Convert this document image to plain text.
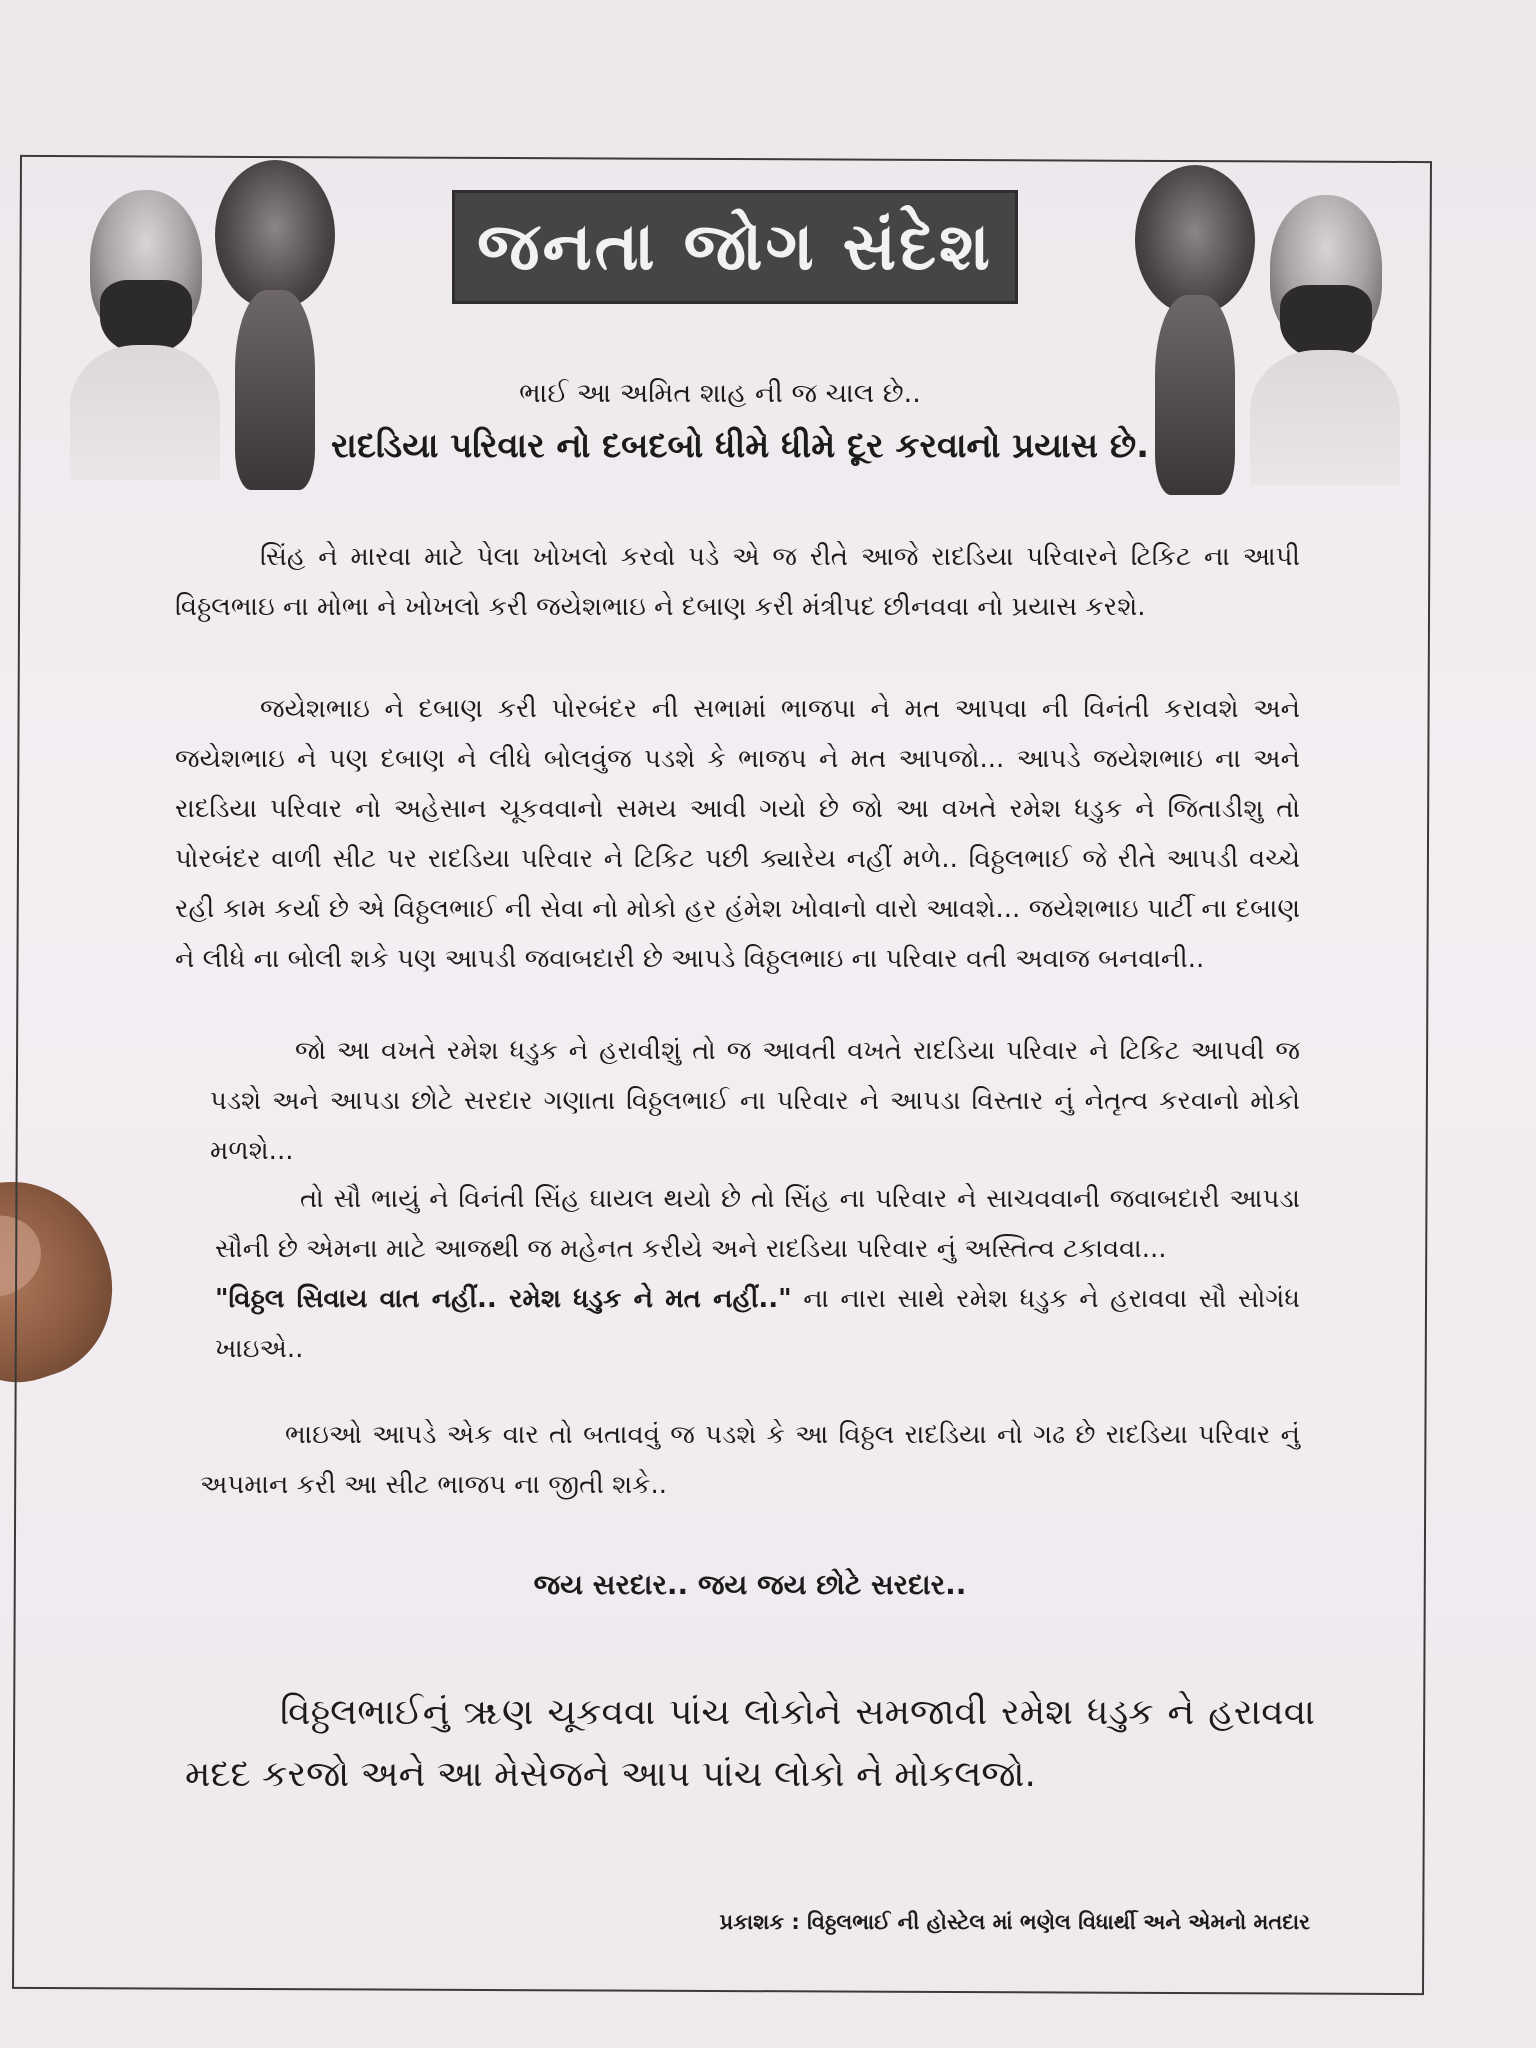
જનતા જોગ સંદેશ
ભાઈ આ અમિત શાહ ની જ ચાલ છે..
રાદડિયા પરિવાર નો દબદબો ધીમે ધીમે દૂર કરવાનો પ્રયાસ છે.
સિંહ ને મારવા માટે પેલા ખોખલો કરવો પડે એ જ રીતે આજે રાદડિયા પરિવારને ટિકિટ ના આપી વિઠ્ઠલભાઇ ના મોભા ને ખોખલો કરી જયેશભાઇ ને દબાણ કરી મંત્રીપદ છીનવવા નો પ્રયાસ કરશે.
જયેશભાઇ ને દબાણ કરી પોરબંદર ની સભામાં ભાજપા ને મત આપવા ની વિનંતી કરાવશે અને જયેશભાઇ ને પણ દબાણ ને લીધે બોલવુંજ પડશે કે ભાજપ ને મત આપજો... આપડે જયેશભાઇ ના અને રાદડિયા પરિવાર નો અહેસાન ચૂકવવાનો સમય આવી ગયો છે જો આ વખતે રમેશ ધડુક ને જિતાડીશુ તો પોરબંદર વાળી સીટ પર રાદડિયા પરિવાર ને ટિકિટ પછી ક્યારેય નહીં મળે.. વિઠ્ઠલભાઈ જે રીતે આપડી વચ્ચે રહી કામ કર્યા છે એ વિઠ્ઠલભાઈ ની સેવા નો મોકો હર હંમેશ ખોવાનો વારો આવશે... જયેશભાઇ પાર્ટી ના દબાણ ને લીધે ના બોલી શકે પણ આપડી જવાબદારી છે આપડે વિઠ્ઠલભાઇ ના પરિવાર વતી અવાજ બનવાની..
જો આ વખતે રમેશ ધડુક ને હરાવીશું તો જ આવતી વખતે રાદડિયા પરિવાર ને ટિકિટ આપવી જ પડશે અને આપડા છોટે સરદાર ગણાતા વિઠ્ઠલભાઈ ના પરિવાર ને આપડા વિસ્તાર નું નેતૃત્વ કરવાનો મોકો મળશે...
તો સૌ ભાયું ને વિનંતી સિંહ ઘાયલ થયો છે તો સિંહ ના પરિવાર ને સાચવવાની જવાબદારી આપડા સૌની છે એમના માટે આજથી જ મહેનત કરીયે અને રાદડિયા પરિવાર નું અસ્તિત્વ ટકાવવા...
"વિઠ્ઠલ સિવાય વાત નહીં.. રમેશ ધડુક ને મત નહીં.." ના નારા સાથે રમેશ ધડુક ને હરાવવા સૌ સોગંધ ખાઇએ..
ભાઇઓ આપડે એક વાર તો બતાવવું જ પડશે કે આ વિઠ્ઠલ રાદડિયા નો ગઢ છે રાદડિયા પરિવાર નું અપમાન કરી આ સીટ ભાજપ ના જીતી શકે..
જય સરદાર.. જય જય છોટે સરદાર..
વિઠ્ઠલભાઈનું ૠણ ચૂકવવા પાંચ લોકોને સમજાવી રમેશ ધડુક ને હરાવવા મદદ કરજો અને આ મેસેજને આપ પાંચ લોકો ને મોકલજો.
પ્રકાશક : વિઠ્ઠલભાઈ ની હોસ્ટેલ માં ભણેલ વિધાર્થી અને એમનો મતદાર
